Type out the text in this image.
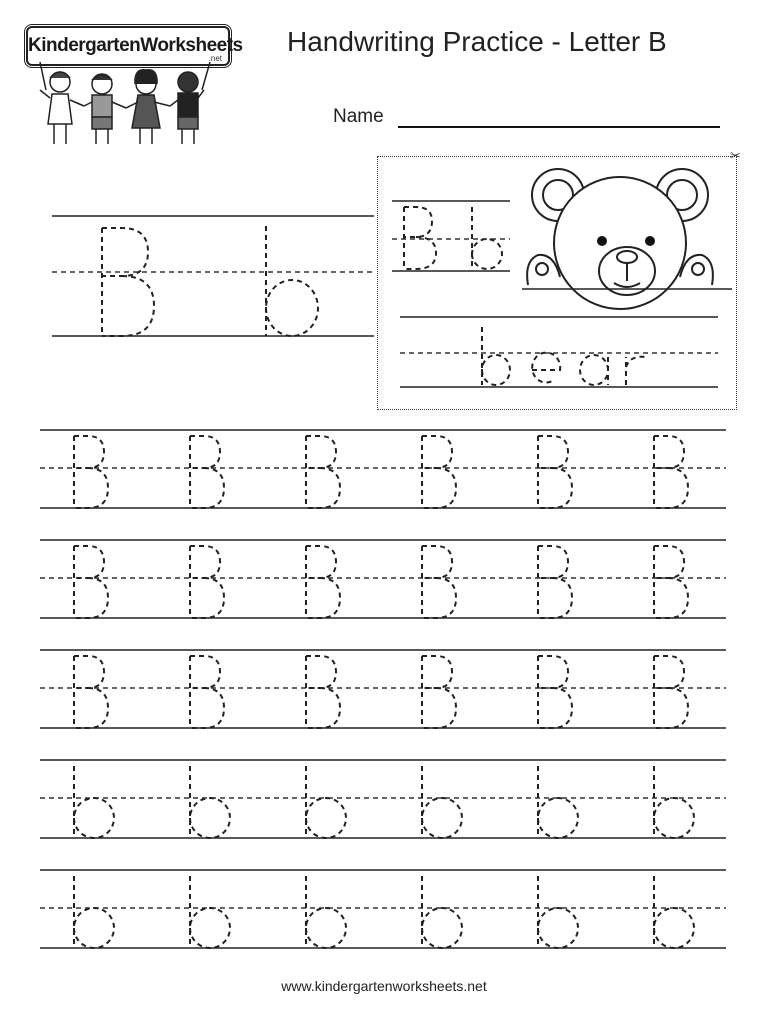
KindergartenWorksheets
.net
Handwriting Practice - Letter B
Name
✂
www.kindergartenworksheets.net
